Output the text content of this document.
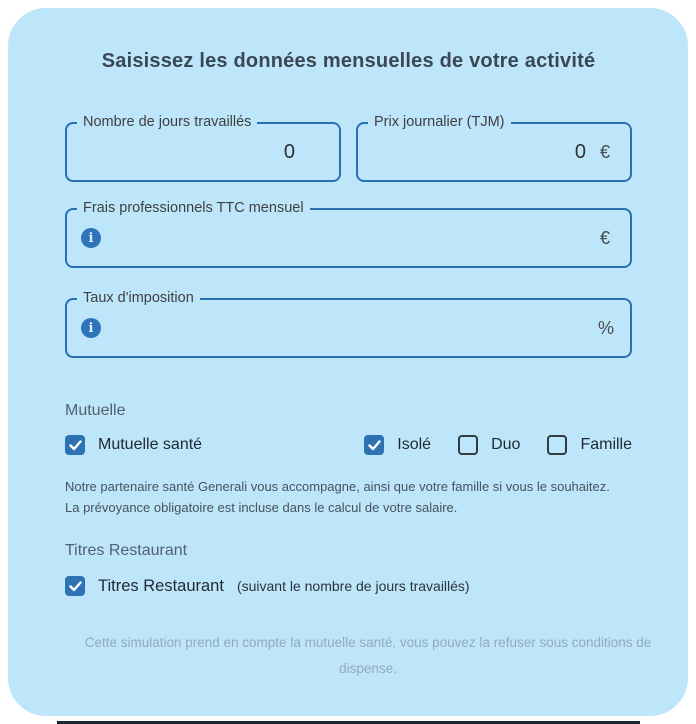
Saisissez les données mensuelles de votre activité
Nombre de jours travaillés
0
Prix journalier (TJM)
0 €
Frais professionnels TTC mensuel
i	€
Taux d'imposition
i	%
Mutuelle
Mutuelle santé	Isolé	Duo	Famille
Notre partenaire santé Generali vous accompagne, ainsi que votre famille si vous le souhaitez.
La prévoyance obligatoire est incluse dans le calcul de votre salaire.
Titres Restaurant
Titres Restaurant (suivant le nombre de jours travaillés)
Cette simulation prend en compte la mutuelle santé, vous pouvez la refuser sous conditions de dispense.
